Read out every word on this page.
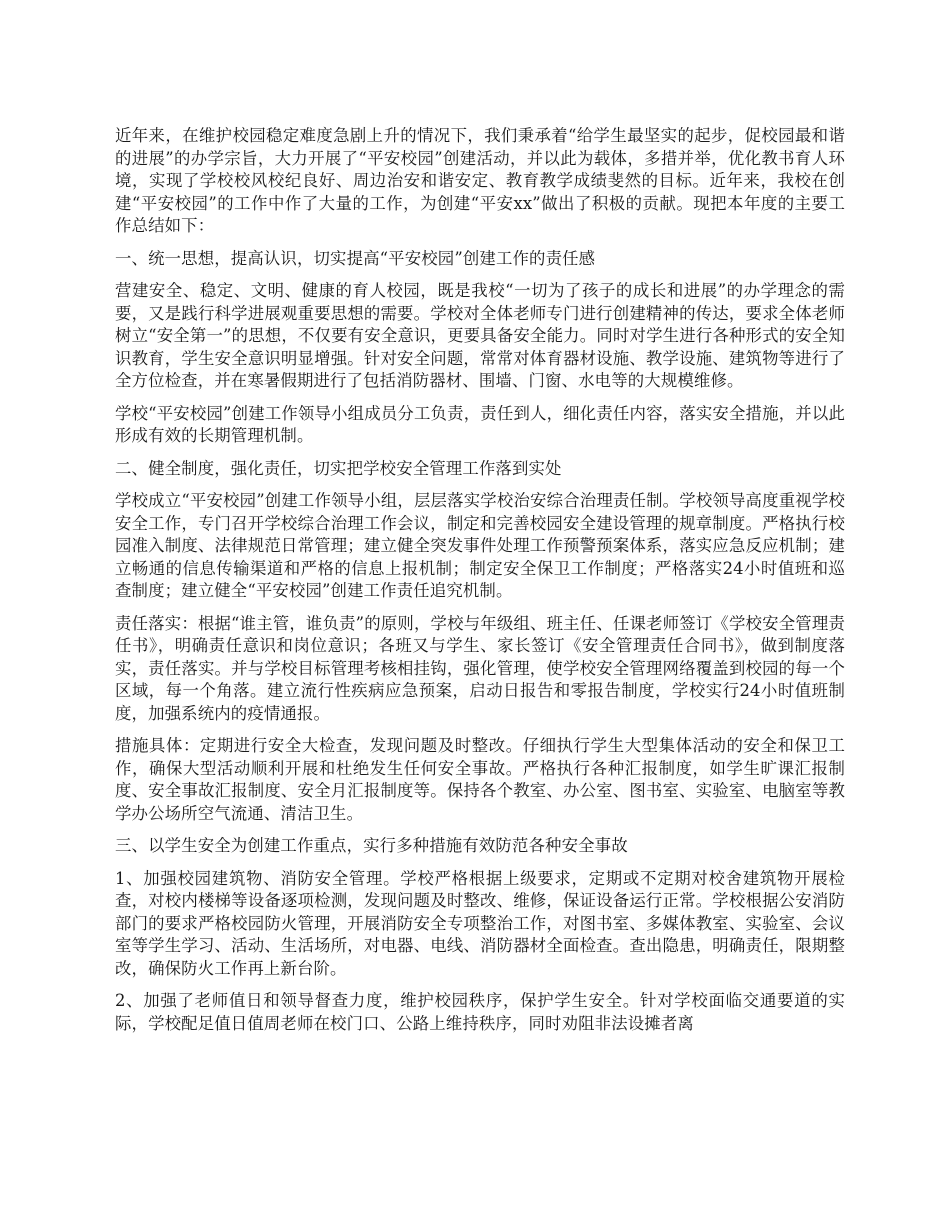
近年来，在维护校园稳定难度急剧上升的情况下，我们秉承着“给学生最坚实的起步，促校园最和谐的进展”的办学宗旨，大力开展了“平安校园”创建活动，并以此为载体，多措并举，优化教书育人环境，实现了学校校风校纪良好、周边治安和谐安定、教育教学成绩斐然的目标。近年来，我校在创建“平安校园”的工作中作了大量的工作，为创建“平安xx”做出了积极的贡献。现把本年度的主要工作总结如下：

一、统一思想，提高认识，切实提高“平安校园”创建工作的责任感

营建安全、稳定、文明、健康的育人校园，既是我校“一切为了孩子的成长和进展”的办学理念的需要，又是践行科学进展观重要思想的需要。学校对全体老师专门进行创建精神的传达，要求全体老师树立“安全第一”的思想，不仅要有安全意识，更要具备安全能力。同时对学生进行各种形式的安全知识教育，学生安全意识明显增强。针对安全问题，常常对体育器材设施、教学设施、建筑物等进行了全方位检查，并在寒暑假期进行了包括消防器材、围墙、门窗、水电等的大规模维修。

学校“平安校园”创建工作领导小组成员分工负责，责任到人，细化责任内容，落实安全措施，并以此形成有效的长期管理机制。

二、健全制度，强化责任，切实把学校安全管理工作落到实处

学校成立“平安校园”创建工作领导小组，层层落实学校治安综合治理责任制。学校领导高度重视学校安全工作，专门召开学校综合治理工作会议，制定和完善校园安全建设管理的规章制度。严格执行校园准入制度、法律规范日常管理；建立健全突发事件处理工作预警预案体系，落实应急反应机制；建立畅通的信息传输渠道和严格的信息上报机制；制定安全保卫工作制度；严格落实24小时值班和巡查制度；建立健全“平安校园”创建工作责任追究机制。

责任落实：根据“谁主管，谁负责”的原则，学校与年级组、班主任、任课老师签订《学校安全管理责任书》，明确责任意识和岗位意识；各班又与学生、家长签订《安全管理责任合同书》，做到制度落实，责任落实。并与学校目标管理考核相挂钩，强化管理，使学校安全管理网络覆盖到校园的每一个区域，每一个角落。建立流行性疾病应急预案，启动日报告和零报告制度，学校实行24小时值班制度，加强系统内的疫情通报。

措施具体：定期进行安全大检查，发现问题及时整改。仔细执行学生大型集体活动的安全和保卫工作，确保大型活动顺利开展和杜绝发生任何安全事故。严格执行各种汇报制度，如学生旷课汇报制度、安全事故汇报制度、安全月汇报制度等。保持各个教室、办公室、图书室、实验室、电脑室等教学办公场所空气流通、清洁卫生。

三、以学生安全为创建工作重点，实行多种措施有效防范各种安全事故

1、加强校园建筑物、消防安全管理。学校严格根据上级要求，定期或不定期对校舍建筑物开展检查，对校内楼梯等设备逐项检测，发现问题及时整改、维修，保证设备运行正常。学校根据公安消防部门的要求严格校园防火管理，开展消防安全专项整治工作，对图书室、多媒体教室、实验室、会议室等学生学习、活动、生活场所，对电器、电线、消防器材全面检查。查出隐患，明确责任，限期整改，确保防火工作再上新台阶。

2、加强了老师值日和领导督查力度，维护校园秩序，保护学生安全。针对学校面临交通要道的实际，学校配足值日值周老师在校门口、公路上维持秩序，同时劝阻非法设摊者离
